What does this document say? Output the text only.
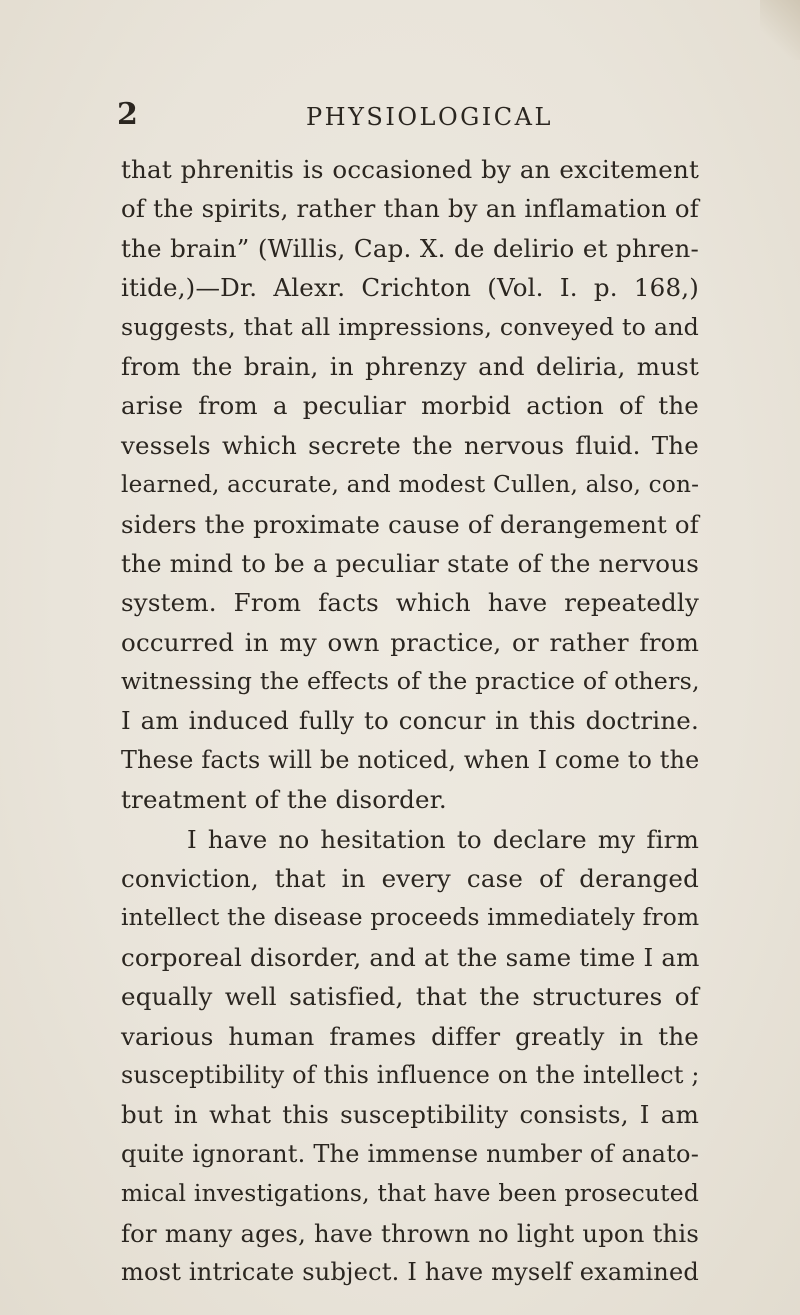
2	PHYSIOLOGICAL
that phrenitis is occasioned by an excitement
of the spirits, rather than by an inflamation of
the brain” (Willis, Cap. X. de delirio et phren-
itide,)—Dr. Alexr. Crichton (Vol. I. p. 168,)
suggests, that all impressions, conveyed to and
from the brain, in phrenzy and deliria, must
arise from a peculiar morbid action of the
vessels which secrete the nervous fluid. The
learned, accurate, and modest Cullen, also, con-
siders the proximate cause of derangement of
the mind to be a peculiar state of the nervous
system. From facts which have repeatedly
occurred in my own practice, or rather from
witnessing the effects of the practice of others,
I am induced fully to concur in this doctrine.
These facts will be noticed, when I come to the
treatment of the disorder.
I have no hesitation to declare my firm
conviction, that in every case of deranged
intellect the disease proceeds immediately from
corporeal disorder, and at the same time I am
equally well satisfied, that the structures of
various human frames differ greatly in the
susceptibility of this influence on the intellect ;
but in what this susceptibility consists, I am
quite ignorant. The immense number of anato-
mical investigations, that have been prosecuted
for many ages, have thrown no light upon this
most intricate subject. I have myself examined
